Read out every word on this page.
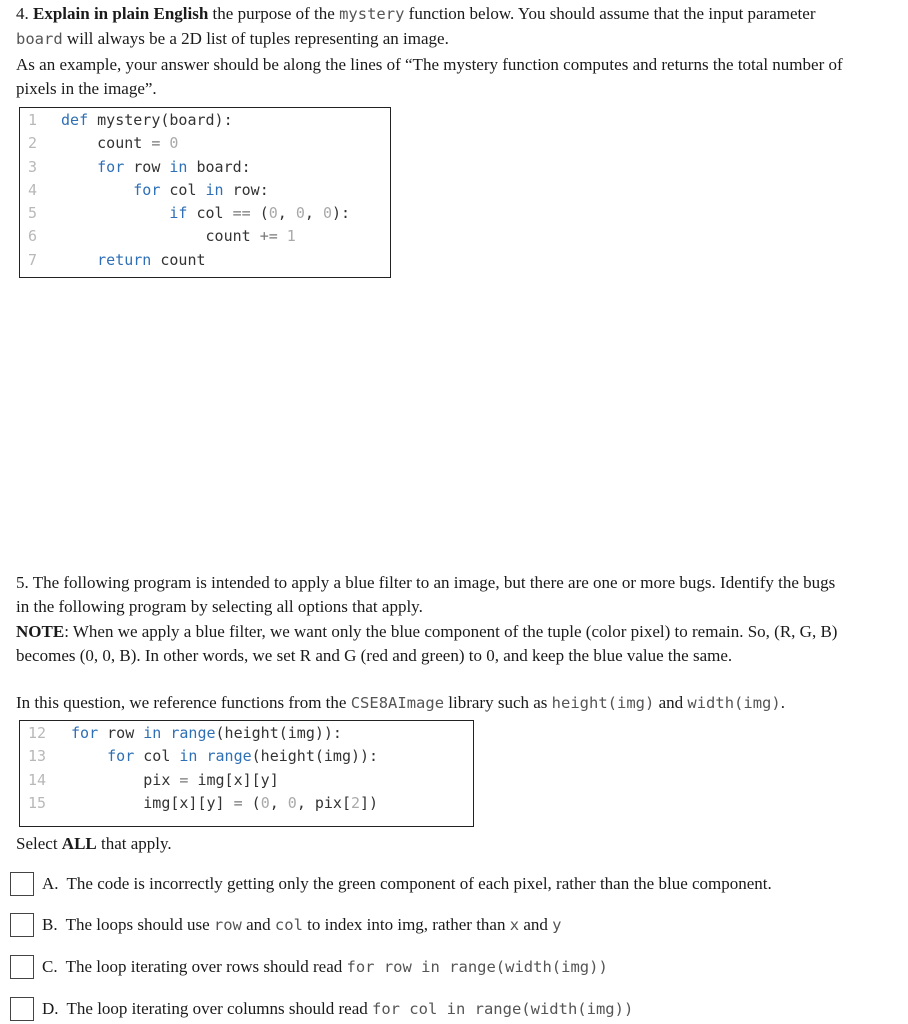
4. Explain in plain English the purpose of the mystery function below. You should assume that the input parameter

board will always be a 2D list of tuples representing an image.

As an example, your answer should be along the lines of “The mystery function computes and returns the total number of

pixels in the image”.

1 def mystery(board):
2	count = 0
3	for row in board:
4	for col in row:
5	if col == (0, 0, 0):
6	count += 1
7	return count

5. The following program is intended to apply a blue filter to an image, but there are one or more bugs. Identify the bugs

in the following program by selecting all options that apply.

NOTE: When we apply a blue filter, we want only the blue component of the tuple (color pixel) to remain. So, (R, G, B)

becomes (0, 0, B). In other words, we set R and G (red and green) to 0, and keep the blue value the same.

In this question, we reference functions from the CSE8AImage library such as height(img) and width(img).

12 for row in range(height(img)):
13	for col in range(height(img)):
14	pix = img[x][y]
15	img[x][y] = (0, 0, pix[2])

Select ALL that apply.

A. The code is incorrectly getting only the green component of each pixel, rather than the blue component.
B. The loops should use row and col to index into img, rather than x and y
C. The loop iterating over rows should read for row in range(width(img))
D. The loop iterating over columns should read for col in range(width(img))
